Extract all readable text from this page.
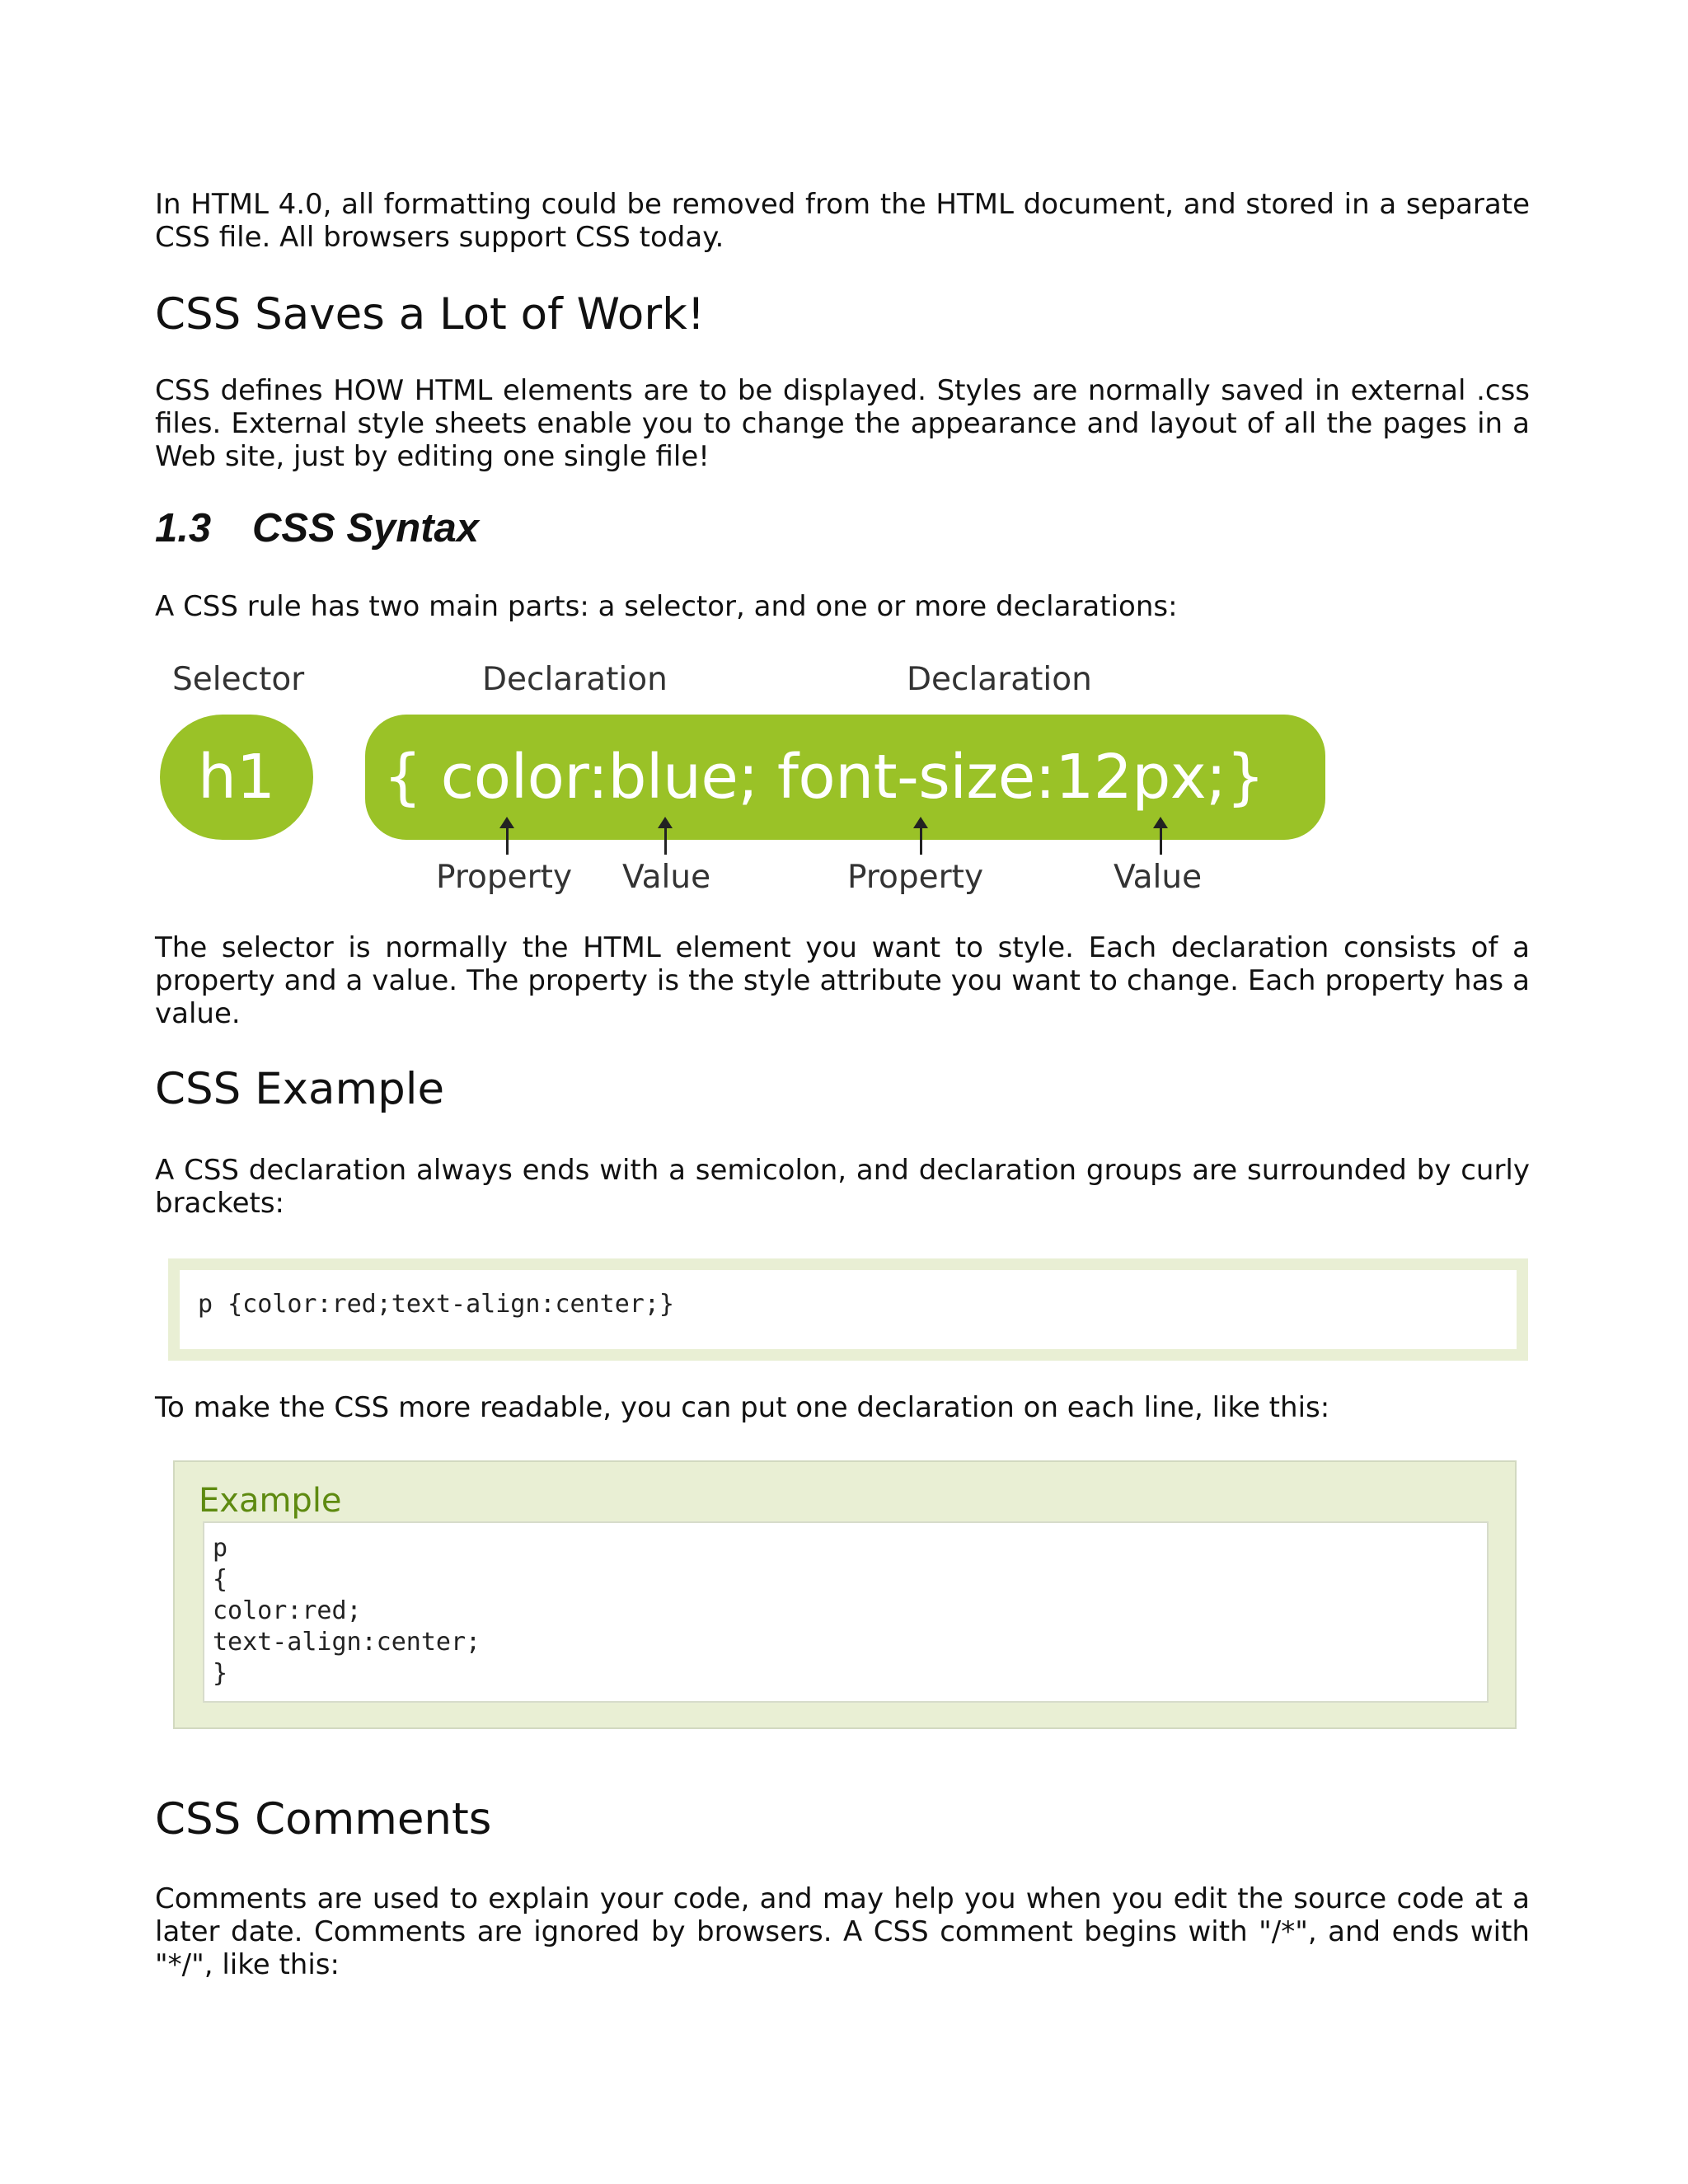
In HTML 4.0, all formatting could be removed from the HTML document, and stored in a separate CSS file. All browsers support CSS today.

CSS Saves a Lot of Work!

CSS defines HOW HTML elements are to be displayed. Styles are normally saved in external .css files. External style sheets enable you to change the appearance and layout of all the pages in a Web site, just by editing one single file!

1.3 CSS Syntax

A CSS rule has two main parts: a selector, and one or more declarations:

Selector	Declaration	Declaration
h1	{ color:blue; font-size:12px;}
Property Value	Property	Value

The selector is normally the HTML element you want to style. Each declaration consists of a property and a value. The property is the style attribute you want to change. Each property has a value.

CSS Example

A CSS declaration always ends with a semicolon, and declaration groups are surrounded by curly brackets:

p {color:red;text-align:center;}

To make the CSS more readable, you can put one declaration on each line, like this:

Example
p
{
color:red;
text-align:center;
}
CSS Comments

Comments are used to explain your code, and may help you when you edit the source code at a later date. Comments are ignored by browsers. A CSS comment begins with "/*", and ends with "*/", like this:
